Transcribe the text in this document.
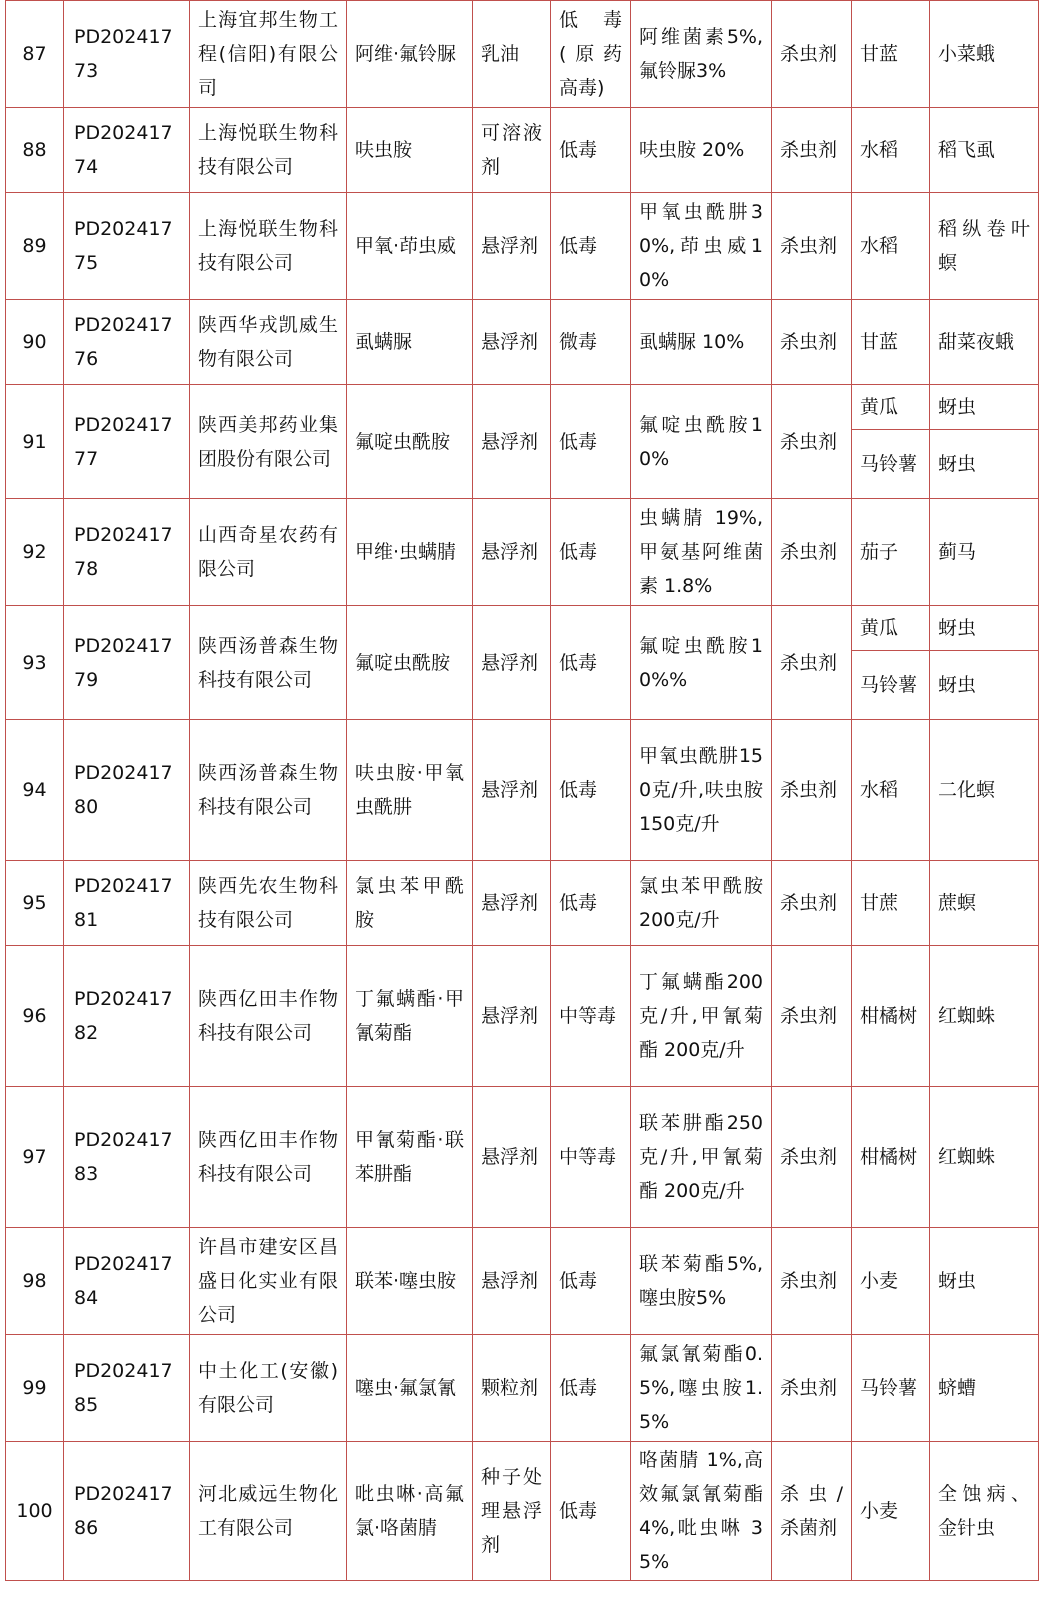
87	PD20241773	上海宜邦生物工程(信阳)有限公司	阿维·氟铃脲	乳油	低毒(原药高毒)	阿维菌素5%,氟铃脲3%	杀虫剂	甘蓝	小菜蛾
88	PD20241774	上海悦联生物科技有限公司	呋虫胺	可溶液剂	低毒	呋虫胺 20%	杀虫剂	水稻	稻飞虱
89	PD20241775	上海悦联生物科技有限公司	甲氧·茚虫威	悬浮剂	低毒	甲氧虫酰肼30%,茚虫威10%	杀虫剂	水稻	稻纵卷叶螟
90	PD20241776	陕西华戎凯威生物有限公司	虱螨脲	悬浮剂	微毒	虱螨脲 10%	杀虫剂	甘蓝	甜菜夜蛾
91	PD20241777	陕西美邦药业集团股份有限公司	氟啶虫酰胺	悬浮剂	低毒	氟啶虫酰胺10%	杀虫剂	黄瓜	蚜虫
								马铃薯	蚜虫
92	PD20241778	山西奇星农药有限公司	甲维·虫螨腈	悬浮剂	低毒	虫螨腈 19%,甲氨基阿维菌素 1.8%	杀虫剂	茄子	蓟马
93	PD20241779	陕西汤普森生物科技有限公司	氟啶虫酰胺	悬浮剂	低毒	氟啶虫酰胺10%%	杀虫剂	黄瓜	蚜虫
								马铃薯	蚜虫
94	PD20241780	陕西汤普森生物科技有限公司	呋虫胺·甲氧虫酰肼	悬浮剂	低毒	甲氧虫酰肼150克/升,呋虫胺 150克/升	杀虫剂	水稻	二化螟
95	PD20241781	陕西先农生物科技有限公司	氯虫苯甲酰胺	悬浮剂	低毒	氯虫苯甲酰胺 200克/升	杀虫剂	甘蔗	蔗螟
96	PD20241782	陕西亿田丰作物科技有限公司	丁氟螨酯·甲氰菊酯	悬浮剂	中等毒	丁氟螨酯200克/升,甲氰菊酯 200克/升	杀虫剂	柑橘树	红蜘蛛
97	PD20241783	陕西亿田丰作物科技有限公司	甲氰菊酯·联苯肼酯	悬浮剂	中等毒	联苯肼酯250克/升,甲氰菊酯 200克/升	杀虫剂	柑橘树	红蜘蛛
98	PD20241784	许昌市建安区昌盛日化实业有限公司	联苯·噻虫胺	悬浮剂	低毒	联苯菊酯5%,噻虫胺5%	杀虫剂	小麦	蚜虫
99	PD20241785	中土化工(安徽)有限公司	噻虫·氟氯氰	颗粒剂	低毒	氟氯氰菊酯0.5%,噻虫胺1.5%	杀虫剂	马铃薯	蛴螬
100	PD20241786	河北威远生物化工有限公司	吡虫啉·高氟氯·咯菌腈	种子处理悬浮剂	低毒	咯菌腈 1%,高效氟氯氰菊酯 4%,吡虫啉 35%	杀虫/杀菌剂	小麦	全蚀病、金针虫
